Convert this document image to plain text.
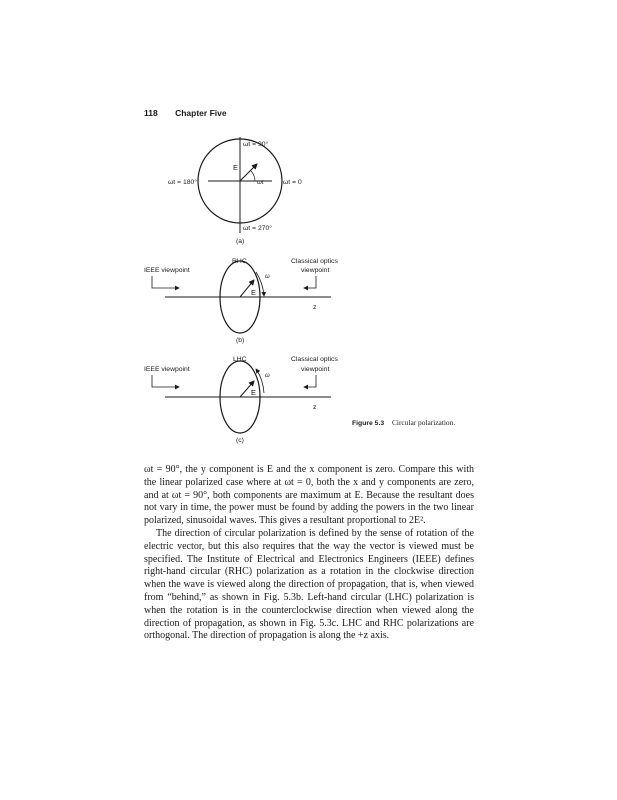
118 Chapter Five
ωt = 90°
ωt = 180°	ωt = 0
ωt = 270°
ωt
E
(a)
RHC
IEEE viewpoint
Classical optics
viewpoint
ω
E
z
(b)
LHC
IEEE viewpoint
Classical optics
viewpoint
ω
E
z
(c)
Figure 5.3 Circular polarization.

ωt = 90°, the y component is E and the x component is zero. Compare this with the linear polarized case where at ωt = 0, both the x and y components are zero, and at ωt = 90°, both components are maximum at E. Because the resultant does not vary in time, the power must be found by adding the powers in the two linear polarized, sinusoidal waves. This gives a resultant proportional to 2E².

The direction of circular polarization is defined by the sense of rotation of the electric vector, but this also requires that the way the vector is viewed must be specified. The Institute of Electrical and Electronics Engineers (IEEE) defines right-hand circular (RHC) polarization as a rotation in the clockwise direction when the wave is viewed along the direction of propagation, that is, when viewed from “behind,” as shown in Fig. 5.3b. Left-hand circular (LHC) polarization is when the rotation is in the counterclockwise direction when viewed along the direction of propagation, as shown in Fig. 5.3c. LHC and RHC polarizations are orthogonal. The direction of propagation is along the +z axis.
